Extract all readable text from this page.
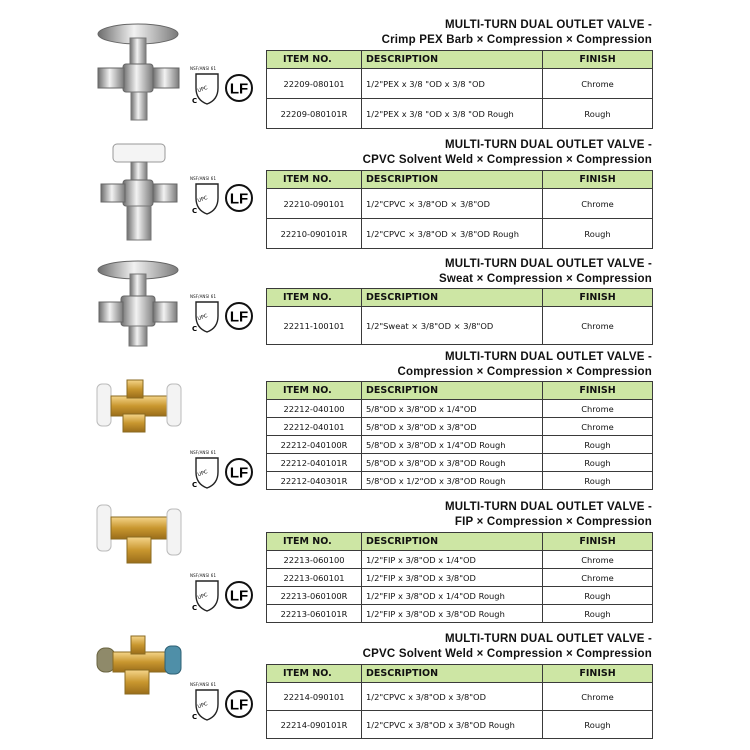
MULTI-TURN DUAL OUTLET VALVE -
Crimp PEX Barb × Compression × Compression
ITEM NO.	DESCRIPTION	FINISH
22209-080101	1/2"PEX x 3/8 "OD x 3/8 "OD	Chrome
22209-080101R	1/2"PEX x 3/8 "OD x 3/8 "OD Rough	Rough
NSF/ANSI 61
UPC
C
LF
MULTI-TURN DUAL OUTLET VALVE -
CPVC Solvent Weld × Compression × Compression
ITEM NO.	DESCRIPTION	FINISH
22210-090101	1/2"CPVC × 3/8"OD × 3/8"OD	Chrome
22210-090101R	1/2"CPVC × 3/8"OD × 3/8"OD Rough	Rough
NSF/ANSI 61
UPC
C
LF
MULTI-TURN DUAL OUTLET VALVE -
Sweat × Compression × Compression
ITEM NO.	DESCRIPTION	FINISH
22211-100101	1/2"Sweat × 3/8"OD × 3/8"OD	Chrome
NSF/ANSI 61
UPC
C
LF
MULTI-TURN DUAL OUTLET VALVE -
Compression × Compression × Compression
ITEM NO.	DESCRIPTION	FINISH
22212-040100	5/8"OD x 3/8"OD x 1/4"OD	Chrome
22212-040101	5/8"OD x 3/8"OD x 3/8"OD	Chrome
22212-040100R	5/8"OD x 3/8"OD x 1/4"OD Rough	Rough
22212-040101R	5/8"OD x 3/8"OD x 3/8"OD Rough	Rough
22212-040301R	5/8"OD x 1/2"OD x 3/8"OD Rough	Rough
NSF/ANSI 61
UPC
C
LF
MULTI-TURN DUAL OUTLET VALVE -
FIP × Compression × Compression
ITEM NO.	DESCRIPTION	FINISH
22213-060100	1/2"FIP x 3/8"OD x 1/4"OD	Chrome
22213-060101	1/2"FIP x 3/8"OD x 3/8"OD	Chrome
22213-060100R	1/2"FIP x 3/8"OD x 1/4"OD Rough	Rough
22213-060101R	1/2"FIP x 3/8"OD x 3/8"OD Rough	Rough
NSF/ANSI 61
UPC
C
LF
MULTI-TURN DUAL OUTLET VALVE -
CPVC Solvent Weld × Compression × Compression
ITEM NO.	DESCRIPTION	FINISH
22214-090101	1/2"CPVC x 3/8"OD x 3/8"OD	Chrome
22214-090101R	1/2"CPVC x 3/8"OD x 3/8"OD Rough	Rough
NSF/ANSI 61
UPC
C
LF
